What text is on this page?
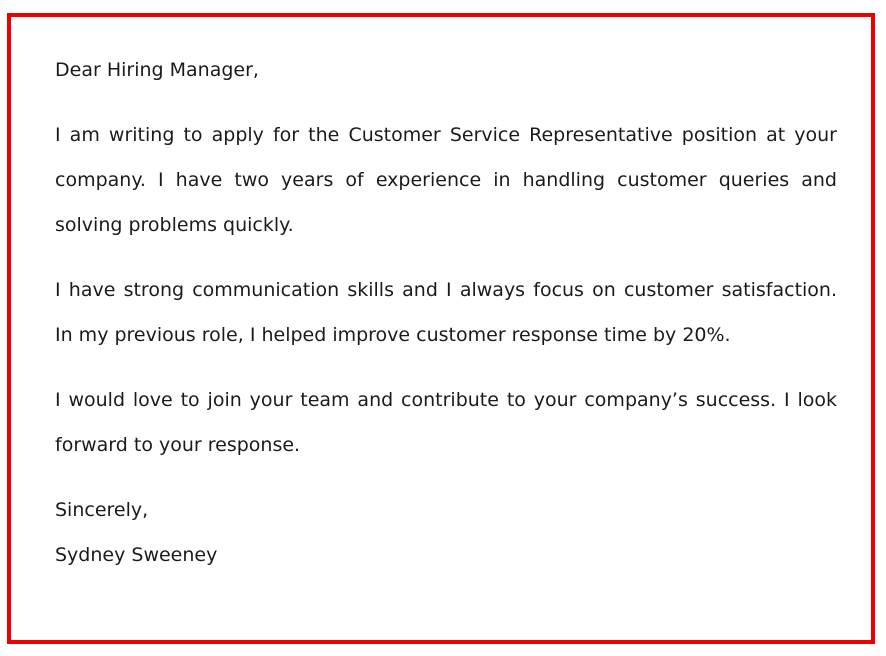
Dear Hiring Manager,
I am writing to apply for the Customer Service Representative position at your company. I have two years of experience in handling customer queries and solving problems quickly.
I have strong communication skills and I always focus on customer satisfaction. In my previous role, I helped improve customer response time by 20%.
I would love to join your team and contribute to your company’s success. I look forward to your response.
Sincerely,
Sydney Sweeney
